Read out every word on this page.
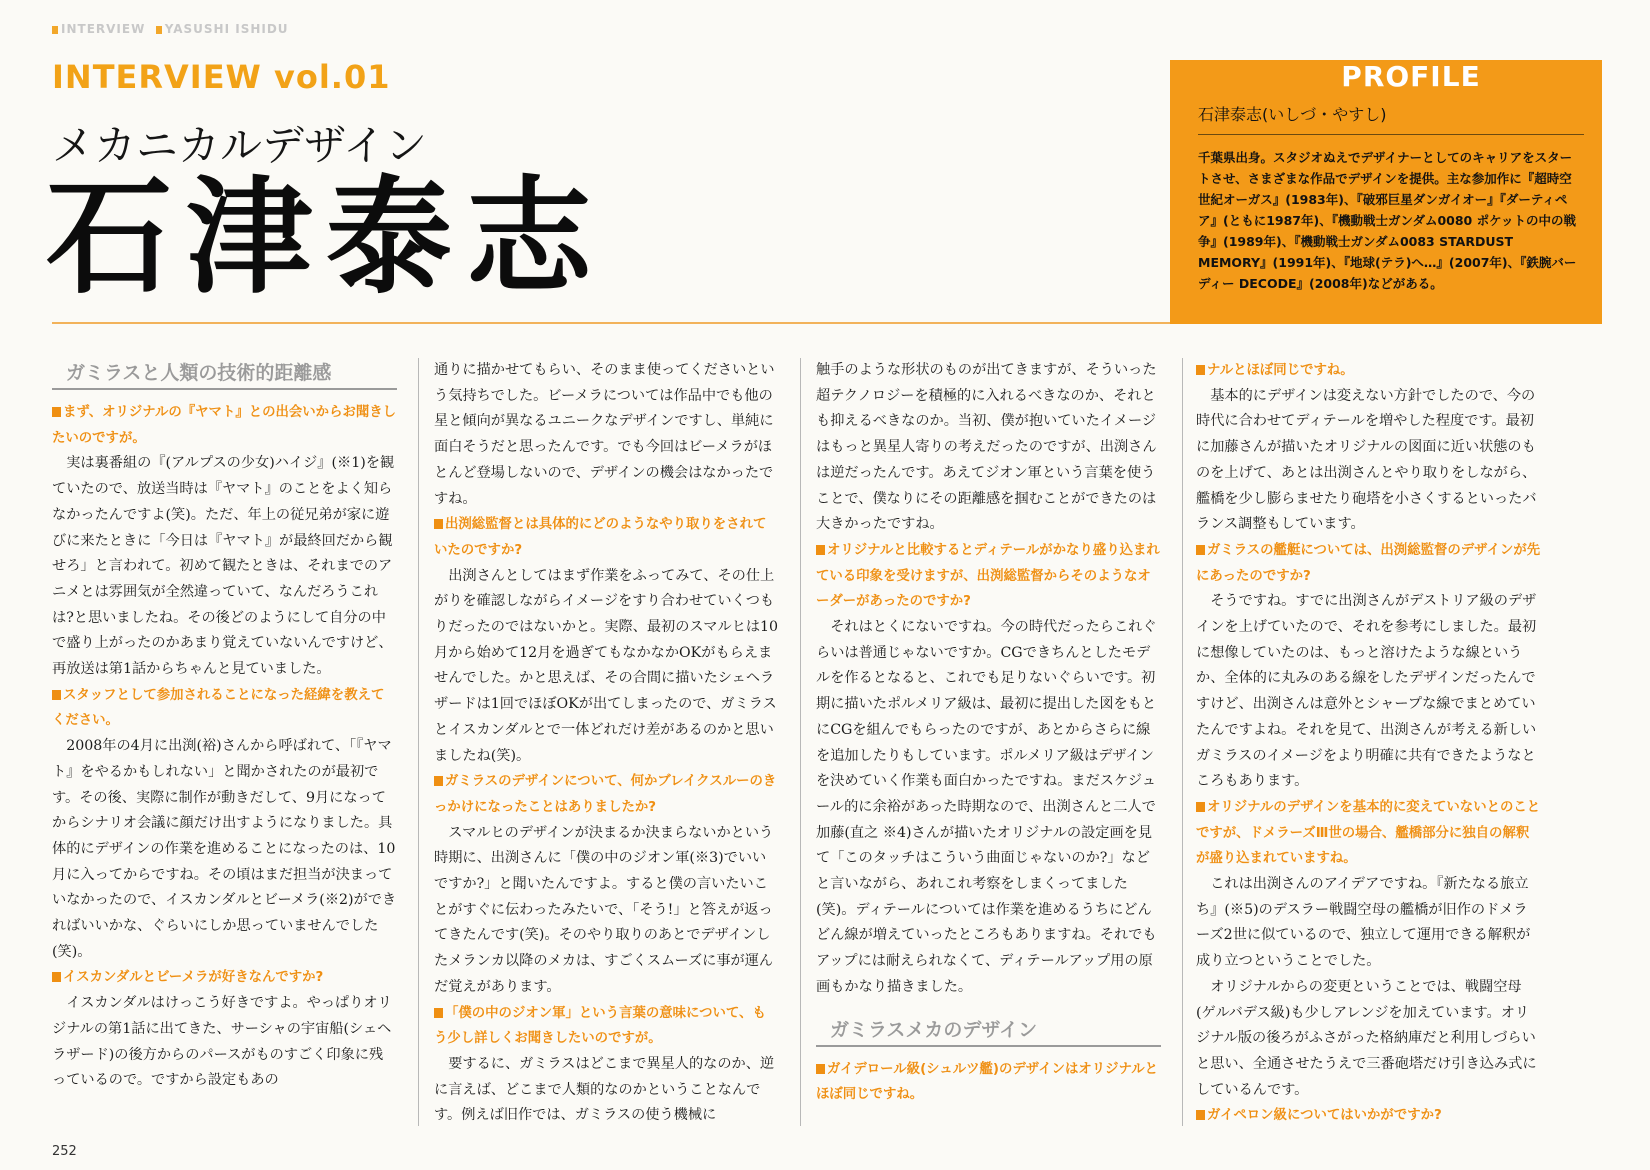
INTERVIEW YASUSHI ISHIDU
INTERVIEW vol.01
メカニカルデザイン
石津泰志
PROFILE
石津泰志(いしづ・やすし)
千葉県出身。スタジオぬえでデザイナーとしてのキャリアをスタートさせ、さまざまな作品でデザインを提供。主な参加作に『超時空世紀オーガス』(1983年)、『破邪巨星ダンガイオー』『ダーティペア』(ともに1987年)、『機動戦士ガンダム0080 ポケットの中の戦争』(1989年)、『機動戦士ガンダム0083 STARDUST MEMORY』(1991年)、『地球(テラ)へ…』(2007年)、『鉄腕バーディー DECODE』(2008年)などがある。
ガミラスと人類の技術的距離感

まず、オリジナルの『ヤマト』との出会いからお聞きしたいのですが。

実は裏番組の『(アルプスの少女)ハイジ』(※1)を観ていたので、放送当時は『ヤマト』のことをよく知らなかったんですよ(笑)。ただ、年上の従兄弟が家に遊びに来たときに「今日は『ヤマト』が最終回だから観せろ」と言われて。初めて観たときは、それまでのアニメとは雰囲気が全然違っていて、なんだろうこれは?と思いましたね。その後どのようにして自分の中で盛り上がったのかあまり覚えていないんですけど、再放送は第1話からちゃんと見ていました。

スタッフとして参加されることになった経緯を教えてください。

2008年の4月に出渕(裕)さんから呼ばれて、「『ヤマト』をやるかもしれない」と聞かされたのが最初です。その後、実際に制作が動きだして、9月になってからシナリオ会議に顔だけ出すようになりました。具体的にデザインの作業を進めることになったのは、10月に入ってからですね。その頃はまだ担当が決まっていなかったので、イスカンダルとビーメラ(※2)ができればいいかな、ぐらいにしか思っていませんでした(笑)。

イスカンダルとビーメラが好きなんですか?

イスカンダルはけっこう好きですよ。やっぱりオリジナルの第1話に出てきた、サーシャの宇宙船(シェヘラザード)の後方からのパースがものすごく印象に残っているので。ですから設定もあの

通りに描かせてもらい、そのまま使ってくださいという気持ちでした。ビーメラについては作品中でも他の星と傾向が異なるユニークなデザインですし、単純に面白そうだと思ったんです。でも今回はビーメラがほとんど登場しないので、デザインの機会はなかったですね。

出渕総監督とは具体的にどのようなやり取りをされていたのですか?

出渕さんとしてはまず作業をふってみて、その仕上がりを確認しながらイメージをすり合わせていくつもりだったのではないかと。実際、最初のスマルヒは10月から始めて12月を過ぎてもなかなかOKがもらえませんでした。かと思えば、その合間に描いたシェヘラザードは1回でほぼOKが出てしまったので、ガミラスとイスカンダルとで一体どれだけ差があるのかと思いましたね(笑)。

ガミラスのデザインについて、何かブレイクスルーのきっかけになったことはありましたか?

スマルヒのデザインが決まるか決まらないかという時期に、出渕さんに「僕の中のジオン軍(※3)でいいですか?」と聞いたんですよ。すると僕の言いたいことがすぐに伝わったみたいで、「そう!」と答えが返ってきたんです(笑)。そのやり取りのあとでデザインしたメランカ以降のメカは、すごくスムーズに事が運んだ覚えがあります。

「僕の中のジオン軍」という言葉の意味について、もう少し詳しくお聞きしたいのですが。

要するに、ガミラスはどこまで異星人的なのか、逆に言えば、どこまで人類的なのかということなんです。例えば旧作では、ガミラスの使う機械に

触手のような形状のものが出てきますが、そういった超テクノロジーを積極的に入れるべきなのか、それとも抑えるべきなのか。当初、僕が抱いていたイメージはもっと異星人寄りの考えだったのですが、出渕さんは逆だったんです。あえてジオン軍という言葉を使うことで、僕なりにその距離感を掴むことができたのは大きかったですね。

オリジナルと比較するとディテールがかなり盛り込まれている印象を受けますが、出渕総監督からそのようなオーダーがあったのですか?

それはとくにないですね。今の時代だったらこれぐらいは普通じゃないですか。CGできちんとしたモデルを作るとなると、これでも足りないぐらいです。初期に描いたポルメリア級は、最初に提出した図をもとにCGを組んでもらったのですが、あとからさらに線を追加したりもしています。ポルメリア級はデザインを決めていく作業も面白かったですね。まだスケジュール的に余裕があった時期なので、出渕さんと二人で加藤(直之 ※4)さんが描いたオリジナルの設定画を見て「このタッチはこういう曲面じゃないのか?」などと言いながら、あれこれ考察をしまくってました(笑)。ディテールについては作業を進めるうちにどんどん線が増えていったところもありますね。それでもアップには耐えられなくて、ディテールアップ用の原画もかなり描きました。

ガミラスメカのデザイン

ガイデロール級(シュルツ艦)のデザインはオリジナルとほぼ同じですね。

ナルとほぼ同じですね。

基本的にデザインは変えない方針でしたので、今の時代に合わせてディテールを増やした程度です。最初に加藤さんが描いたオリジナルの図面に近い状態のものを上げて、あとは出渕さんとやり取りをしながら、艦橋を少し膨らませたり砲塔を小さくするといったバランス調整もしています。

ガミラスの艦艇については、出渕総監督のデザインが先にあったのですか?

そうですね。すでに出渕さんがデストリア級のデザインを上げていたので、それを参考にしました。最初に想像していたのは、もっと溶けたような線というか、全体的に丸みのある線をしたデザインだったんですけど、出渕さんは意外とシャープな線でまとめていたんですよね。それを見て、出渕さんが考える新しいガミラスのイメージをより明確に共有できたようなところもあります。

オリジナルのデザインを基本的に変えていないとのことですが、ドメラーズⅢ世の場合、艦橋部分に独自の解釈が盛り込まれていますね。

これは出渕さんのアイデアですね。『新たなる旅立ち』(※5)のデスラー戦闘空母の艦橋が旧作のドメラーズ2世に似ているので、独立して運用できる解釈が成り立つということでした。

オリジナルからの変更ということでは、戦闘空母(ゲルバデス級)も少しアレンジを加えています。オリジナル版の後ろがふさがった格納庫だと利用しづらいと思い、全通させたうえで三番砲塔だけ引き込み式にしているんです。

ガイペロン級についてはいかがですか?

252
